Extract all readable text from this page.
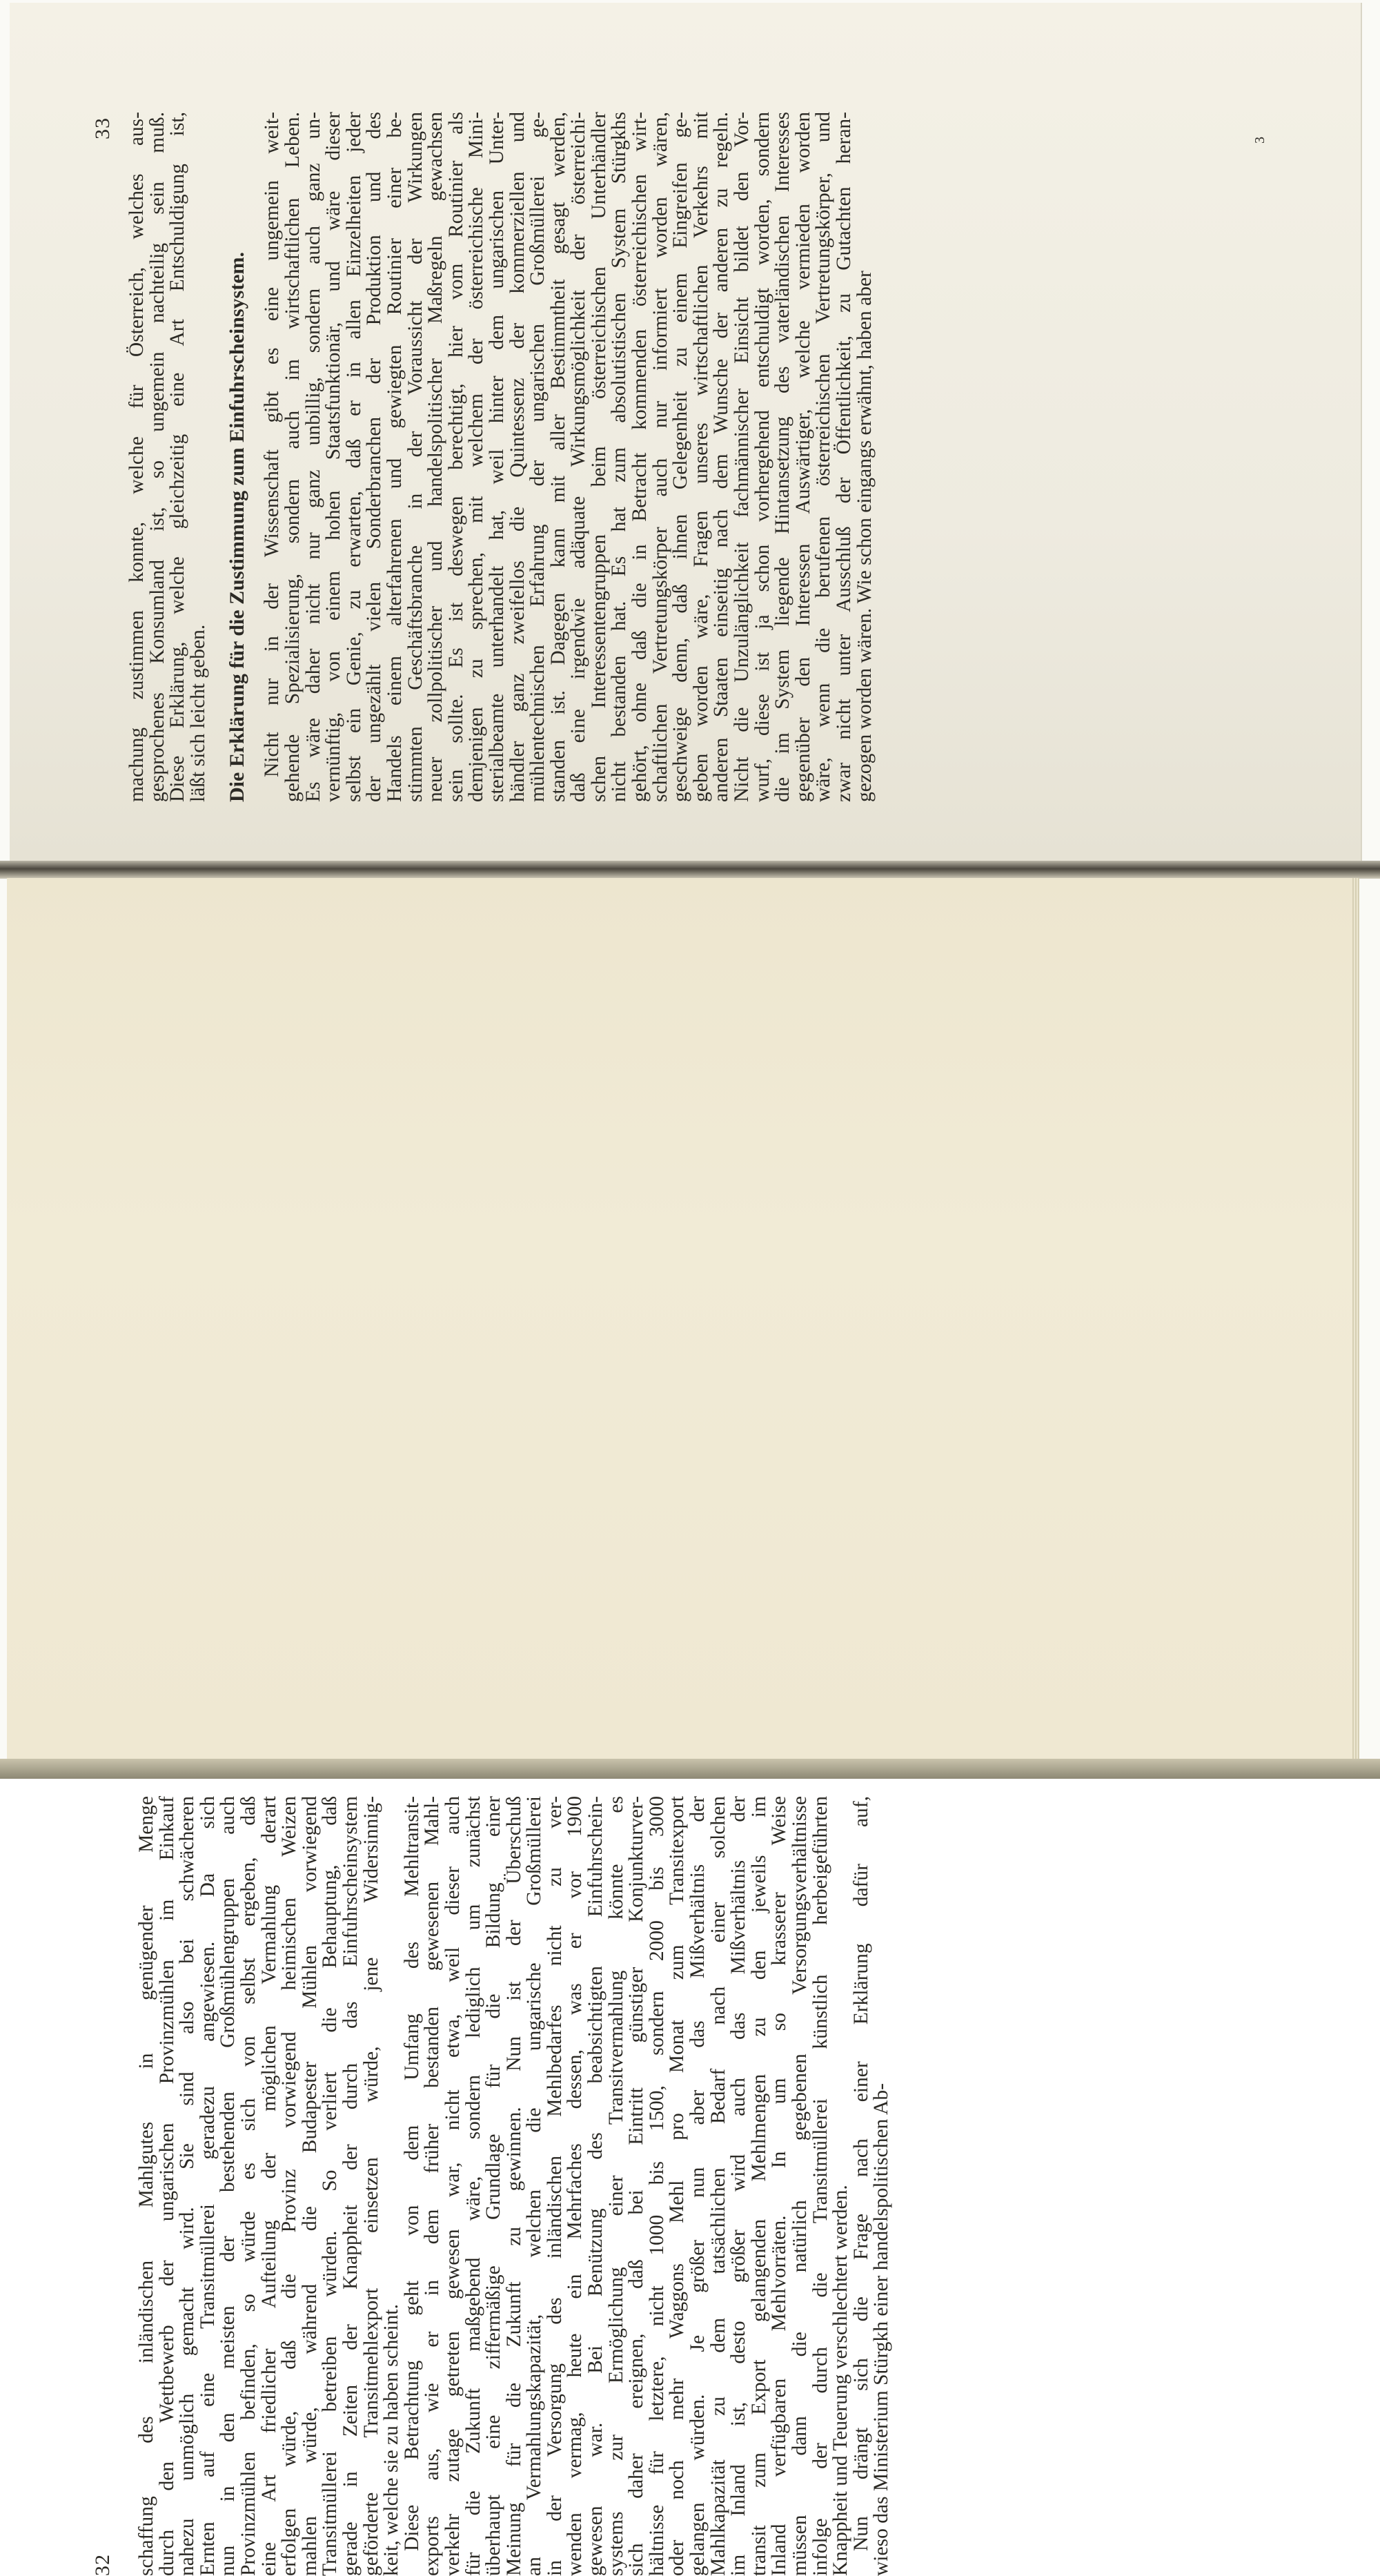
33 machung zustimmen konnte, welche für Österreich, welches aus-
gesprochenes Konsumland ist, so ungemein nachteilig sein muß.
Diese Erklärung, welche gleichzeitig eine Art Entschuldigung ist,
läßt sich leicht geben. Die Erklärung für die Zustimmung zum Einfuhrscheinsystem. Nicht nur in der Wissenschaft gibt es eine ungemein weit-
gehende Spezialisierung, sondern auch im wirtschaftlichen Leben.
Es wäre daher nicht nur ganz unbillig, sondern auch ganz un-
vernünftig, von einem hohen Staatsfunktionär, und wäre dieser
selbst ein Genie, zu erwarten, daß er in allen Einzelheiten jeder
der ungezählt vielen Sonderbranchen der Produktion und des
Handels einem alterfahrenen und gewiegten Routinier einer be-
stimmten Geschäftsbranche in der Voraussicht der Wirkungen
neuer zollpolitischer und handelspolitischer Maßregeln gewachsen
sein sollte. Es ist deswegen berechtigt, hier vom Routinier als
demjenigen zu sprechen, mit welchem der österreichische Mini-
sterialbeamte unterhandelt hat, weil hinter dem ungarischen Unter-
händler ganz zweifellos die Quintessenz der kommerziellen und
mühlentechnischen Erfahrung der ungarischen Großmüllerei ge-
standen ist. Dagegen kann mit aller Bestimmtheit gesagt werden,
daß eine irgendwie adäquate Wirkungsmöglichkeit der österreichi-
schen Interessentengruppen beim österreichischen Unterhändler
nicht bestanden hat. Es hat zum absolutistischen System Stürgkhs
gehört, ohne daß die in Betracht kommenden österreichischen wirt-
schaftlichen Vertretungskörper auch nur informiert worden wären,
geschweige denn, daß ihnen Gelegenheit zu einem Eingreifen ge-
geben worden wäre, Fragen unseres wirtschaftlichen Verkehrs mit
anderen Staaten einseitig nach dem Wunsche der anderen zu regeln.
Nicht die Unzulänglichkeit fachmännischer Einsicht bildet den Vor-
wurf, diese ist ja schon vorhergehend entschuldigt worden, sondern
die im System liegende Hintansetzung des vaterländischen Interesses
gegenüber den Interessen Auswärtiger, welche vermieden worden
wäre, wenn die berufenen österreichischen Vertretungskörper, und
zwar nicht unter Ausschluß der Öffentlichkeit, zu Gutachten heran-
gezogen worden wären. Wie schon eingangs erwähnt, haben aber
3
32 schaffung des inländischen Mahlgutes in genügender Menge
durch den Wettbewerb der ungarischen Provinzmühlen im Einkauf
nahezu unmöglich gemacht wird. Sie sind also bei schwächeren
Ernten auf eine Transitmüllerei geradezu angewiesen. Da sich
nun in den meisten der bestehenden Großmühlengruppen auch
Provinzmühlen befinden, so würde es sich von selbst ergeben, daß
eine Art friedlicher Aufteilung der möglichen Vermahlung derart
erfolgen würde, daß die Provinz vorwiegend heimischen Weizen
mahlen würde, während die Budapester Mühlen vorwiegend
Transitmüllerei betreiben würden. So verliert die Behauptung, daß
gerade in Zeiten der Knappheit der durch das Einfuhrscheinsystem
geförderte Transitmehlexport einsetzen würde, jene Widersinnig-
keit, welche sie zu haben scheint.
Diese Betrachtung geht von dem Umfang des Mehltransit-
exports aus, wie er in dem früher bestanden gewesenen Mahl-
verkehr zutage getreten gewesen war, nicht etwa, weil dieser auch
für die Zukunft maßgebend wäre, sondern lediglich um zunächst
überhaupt eine ziffermäßige Grundlage für die Bildung einer
Meinung für die Zukunft zu gewinnen. Nun ist der Überschuß
an Vermahlungskapazität, welchen die ungarische Großmüllerei
in der Versorgung des inländischen Mehlbedarfes nicht zu ver-
wenden vermag, heute ein Mehrfaches dessen, was er vor 1900
gewesen war. Bei Benützung des beabsichtigten Einfuhrschein-
systems zur Ermöglichung einer Transitvermahlung könnte es
sich daher ereignen, daß bei Eintritt günstiger Konjunkturver-
hältnisse für letztere, nicht 1000 bis 1500, sondern 2000 bis 3000
oder noch mehr Waggons Mehl pro Monat zum Transitexport
gelangen würden. Je größer nun aber das Mißverhältnis der
Mahlkapazität zu dem tatsächlichen Bedarf nach einer solchen
im Inland ist, desto größer wird auch das Mißverhältnis der
transit zum Export gelangenden Mehlmengen zu den jeweils im
Inland verfügbaren Mehlvorräten. In um so krasserer Weise
müssen dann die natürlich gegebenen Versorgungsverhältnisse
infolge der durch die Transitmüllerei künstlich herbeigeführten
Knappheit und Teuerung verschlechtert werden.
Nun drängt sich die Frage nach einer Erklärung dafür auf,
wieso das Ministerium Stürgkh einer handelspolitischen Ab-
